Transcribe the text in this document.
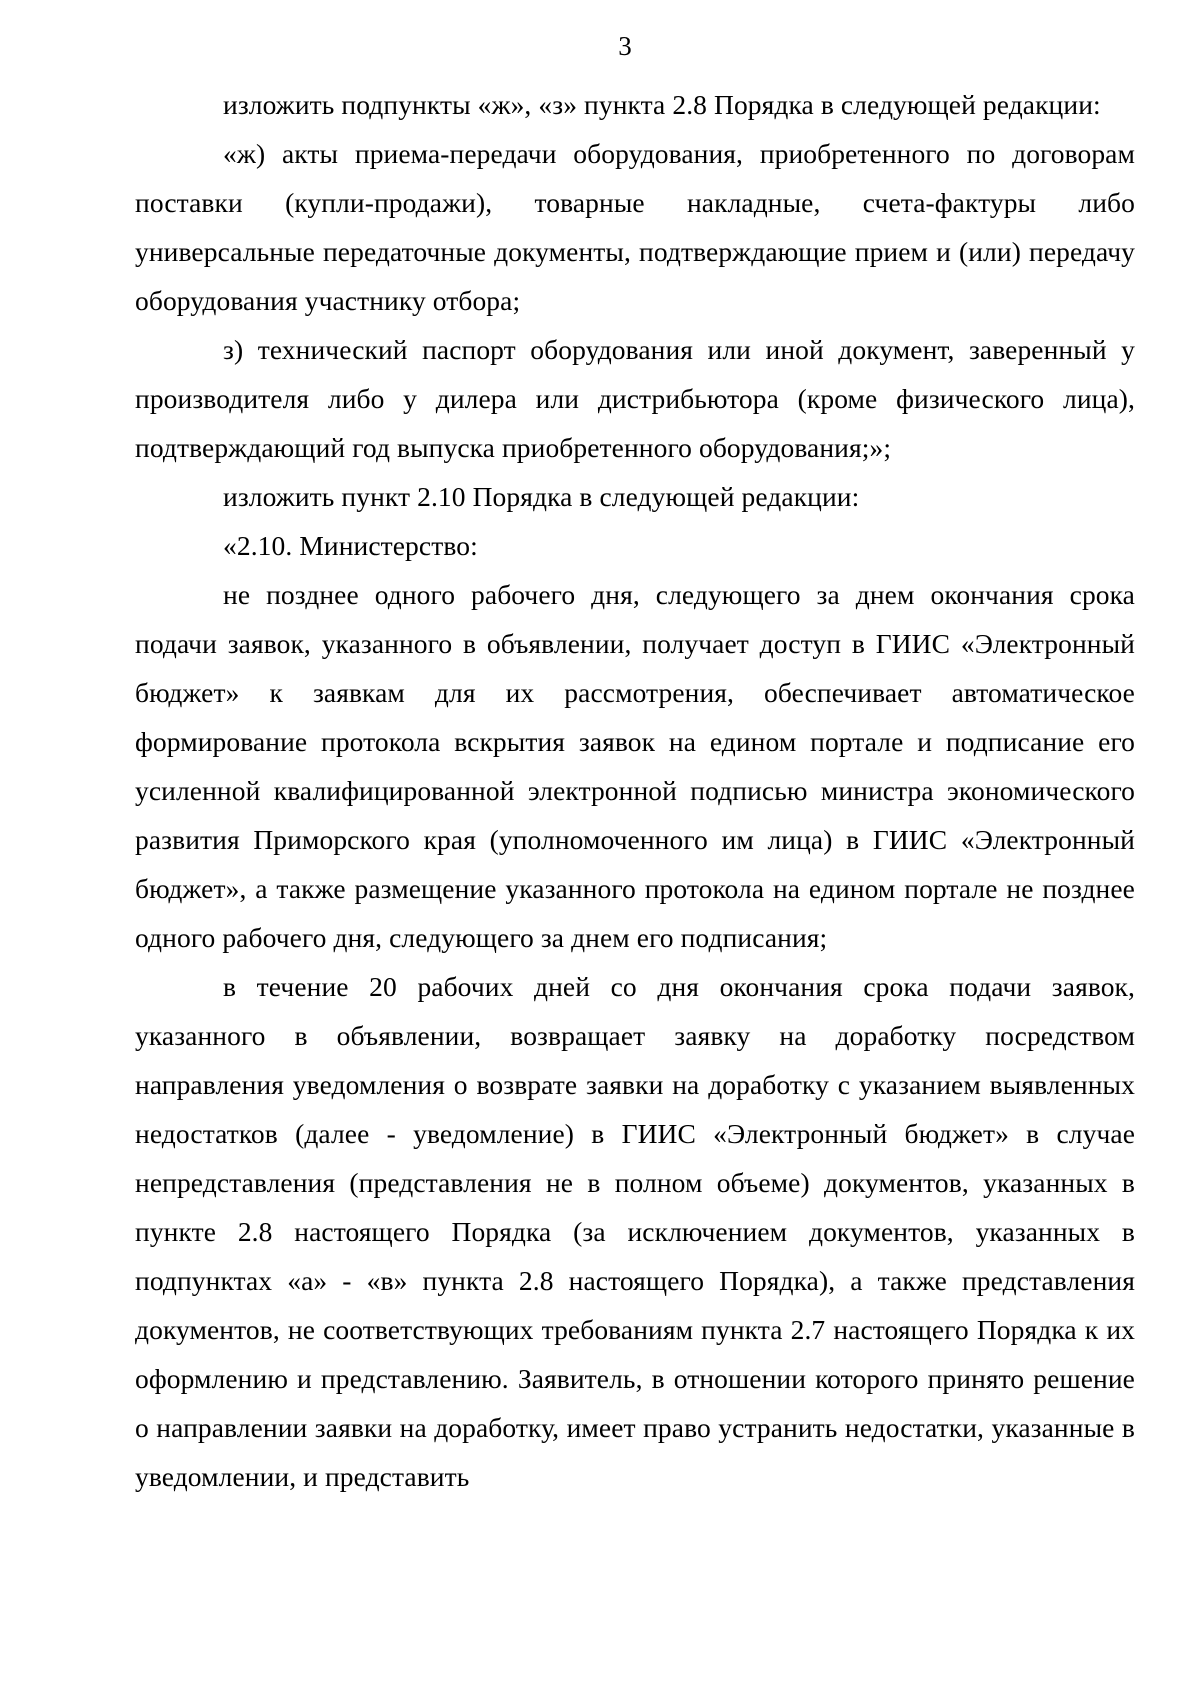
3

изложить подпункты «ж», «з» пункта 2.8 Порядка в следующей редакции:

«ж) акты приема-передачи оборудования, приобретенного по договорам поставки (купли-продажи), товарные накладные, счета-фактуры либо универсальные передаточные документы, подтверждающие прием и (или) передачу оборудования участнику отбора;

з) технический паспорт оборудования или иной документ, заверенный у производителя либо у дилера или дистрибьютора (кроме физического лица), подтверждающий год выпуска приобретенного оборудования;»;

изложить пункт 2.10 Порядка в следующей редакции:

«2.10. Министерство:

не позднее одного рабочего дня, следующего за днем окончания срока подачи заявок, указанного в объявлении, получает доступ в ГИИС «Электронный бюджет» к заявкам для их рассмотрения, обеспечивает автоматическое формирование протокола вскрытия заявок на едином портале и подписание его усиленной квалифицированной электронной подписью министра экономического развития Приморского края (уполномоченного им лица) в ГИИС «Электронный бюджет», а также размещение указанного протокола на едином портале не позднее одного рабочего дня, следующего за днем его подписания;

в течение 20 рабочих дней со дня окончания срока подачи заявок, указанного в объявлении, возвращает заявку на доработку посредством направления уведомления о возврате заявки на доработку с указанием выявленных недостатков (далее - уведомление) в ГИИС «Электронный бюджет» в случае непредставления (представления не в полном объеме) документов, указанных в пункте 2.8 настоящего Порядка (за исключением документов, указанных в подпунктах «а» - «в» пункта 2.8 настоящего Порядка), а также представления документов, не соответствующих требованиям пункта 2.7 настоящего Порядка к их оформлению и представлению. Заявитель, в отношении которого принято решение о направлении заявки на доработку, имеет право устранить недостатки, указанные в уведомлении, и представить
